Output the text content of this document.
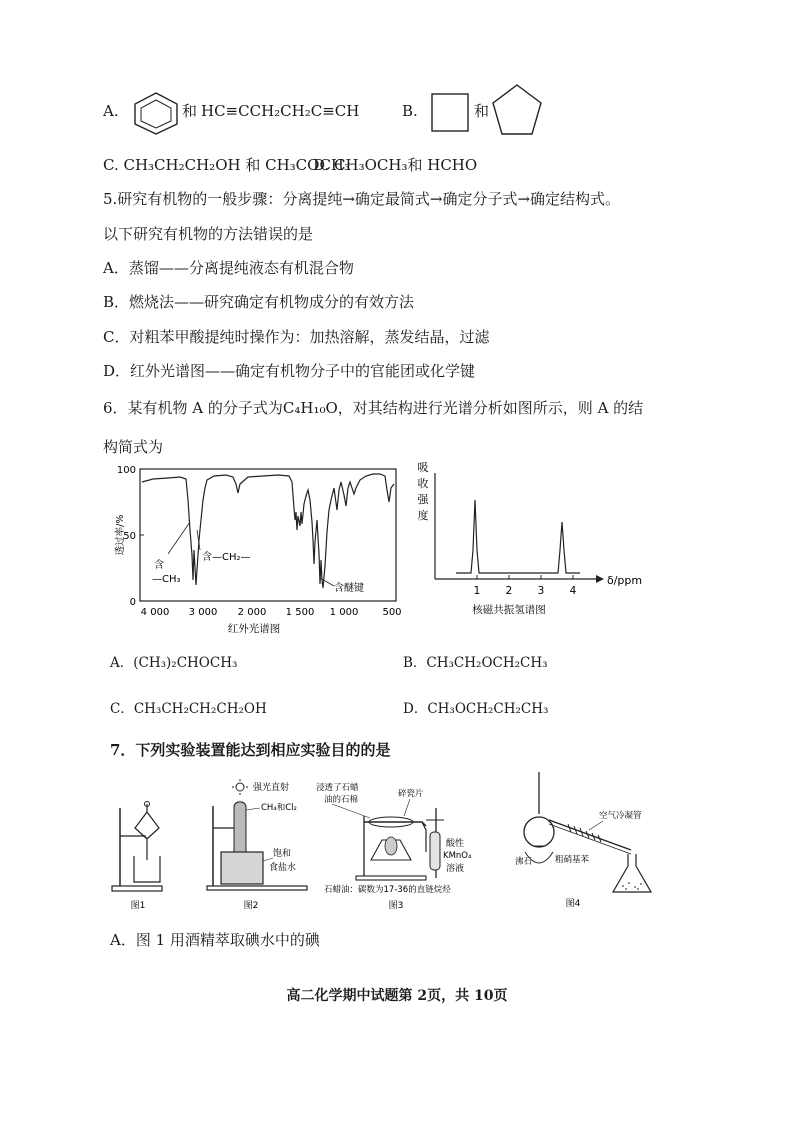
A.	和 HC≡CCH₂CH₂C≡CH	B.	和
C. CH₃CH₂CH₂OH 和 CH₃COCH₃
D. CH₃OCH₃和 HCHO
5.研究有机物的一般步骤：分离提纯→确定最简式→确定分子式→确定结构式。
以下研究有机物的方法错误的是
A．蒸馏——分离提纯液态有机混合物
B．燃烧法——研究确定有机物成分的有效方法
C．对粗苯甲酸提纯时操作为：加热溶解，蒸发结晶，过滤
D．红外光谱图——确定有机物分子中的官能团或化学键
6．某有机物 A 的分子式为C₄H₁₀O，对其结构进行光谱分析如图所示，则 A 的结
构简式为
100
50
0
透过率/%
含
—CH₃
含—CH₂—
含醚键
4 000 3 000 2 000 1 500 1 000 500
红外光谱图
吸
收
强
度
1 2 3 4
δ/ppm
核磁共振氢谱图
A．(CH₃)₂CHOCH₃	B．CH₃CH₂OCH₂CH₃
C．CH₃CH₂CH₂CH₂OH	D．CH₃OCH₂CH₂CH₃
7．下列实验装置能达到相应实验目的的是
图1
强光直射
CH₄和Cl₂
饱和
食盐水
图2
浸透了石蜡
油的石棉
碎瓷片
酸性
KMnO₄
溶液
石蜡油：碳数为17-36的直链烷烃
图3
空气冷凝管
沸石	粗硝基苯
图4
A．图 1 用酒精萃取碘水中的碘
高二化学期中试题第 2页，共 10页
